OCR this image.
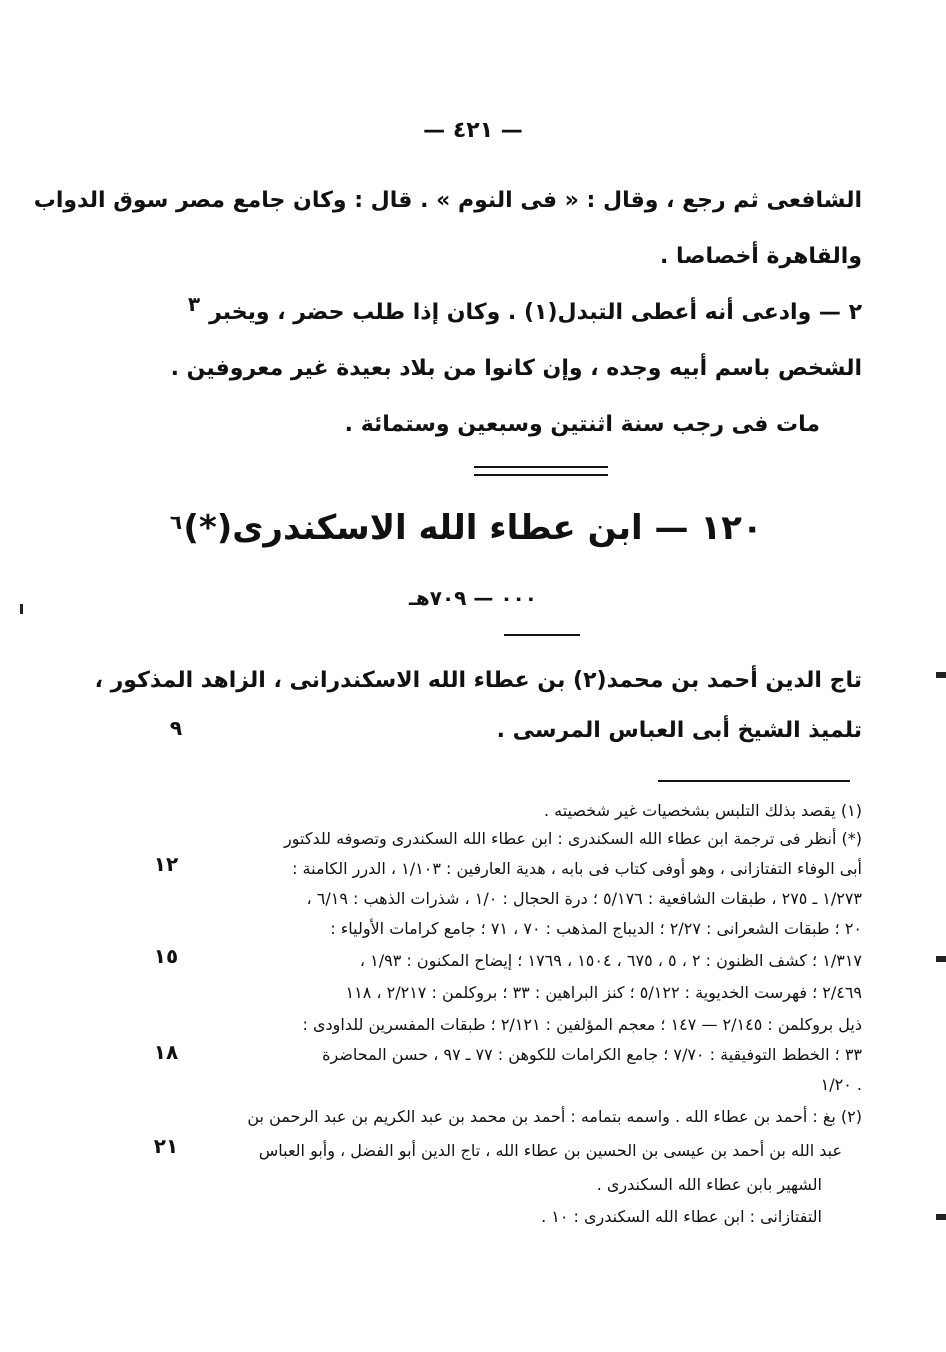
— ٤٢١ —
الشافعى ثم رجع ، وقال : « فى النوم » . قال : وكان جامع مصر سوق الدواب
والقاهرة أخصاصا .
٢ — وادعى أنه أعطى التبدل(١) . وكان إذا طلب حضر ، ويخبر
الشخص باسم أبيه وجده ، وإن كانوا من بلاد بعيدة غير معروفين .
مات فى رجب سنة اثنتين وسبعين وستمائة .
١٢٠ — ابن عطاء الله الاسكندرى(*)
٠٠٠ — ٧٠٩هـ
تاج الدين أحمد بن محمد(٢) بن عطاء الله الاسكندرانى ، الزاهد المذكور ،
تلميذ الشيخ أبى العباس المرسى .
(١) يقصد بذلك التلبس بشخصيات غير شخصيته .
(*) أنظر فى ترجمة ابن عطاء الله السكندرى : ابن عطاء الله السكندرى وتصوفه للدكتور
أبى الوفاء التفتازانى ، وهو أوفى كتاب فى بابه ، هدية العارفين : ١/١٠٣ ، الدرر الكامنة :
١/٢٧٣ ـ ٢٧٥ ، طبقات الشافعية : ٥/١٧٦ ؛ درة الحجال : ١/٠ ، شذرات الذهب : ٦/١٩ ،
٢٠ ؛ طبقات الشعرانى : ٢/٢٧ ؛ الديباج المذهب : ٧٠ ، ٧١ ؛ جامع كرامات الأولياء :
١/٣١٧ ؛ كشف الظنون : ٢ ، ٥ ، ٦٧٥ ، ١٥٠٤ ، ١٧٦٩ ؛ إيضاح المكنون : ١/٩٣ ،
٢/٤٦٩ ؛ فهرست الخديوية : ٥/١٢٢ ؛ كنز البراهين : ٣٣ ؛ بروكلمن : ٢/٢١٧ ، ١١٨
ذيل بروكلمن : ٢/١٤٥ — ١٤٧ ؛ معجم المؤلفين : ٢/١٢١ ؛ طبقات المفسرين للداودى :
٣٣ ؛ الخطط التوفيقية : ٧/٧٠ ؛ جامع الكرامات للكوهن : ٧٧ ـ ٩٧ ، حسن المحاضرة
١/٢٠ .
(٢) بغ : أحمد بن عطاء الله . واسمه بتمامه : أحمد بن محمد بن عبد الكريم بن عبد الرحمن بن
عبد الله بن أحمد بن عيسى بن الحسين بن عطاء الله ، تاج الدين أبو الفضل ، وأبو العباس
الشهير بابن عطاء الله السكندرى .
التفتازانى : ابن عطاء الله السكندرى : ١٠ .
٣
٦
٩
١٢
١٥
١٨
٢١
